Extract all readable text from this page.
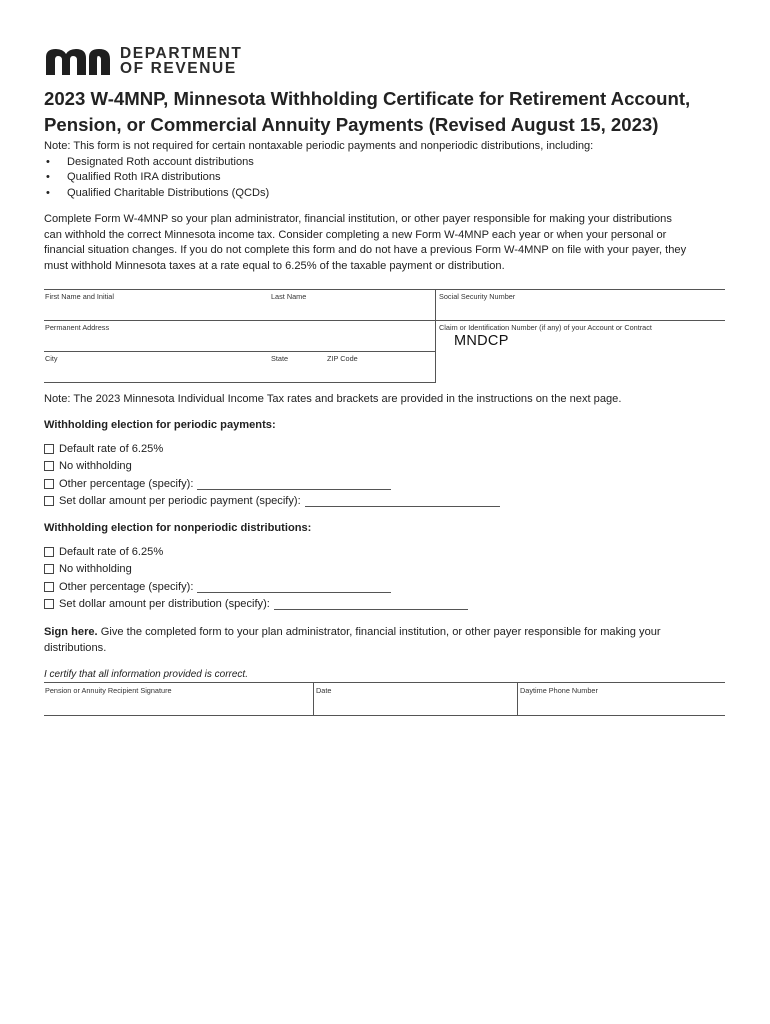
DEPARTMENT
OF REVENUE
2023 W-4MNP, Minnesota Withholding Certificate for Retirement Account,
Pension, or Commercial Annuity Payments (Revised August 15, 2023)
Note: This form is not required for certain nontaxable periodic payments and nonperiodic distributions, including:
• Designated Roth account distributions
• Qualified Roth IRA distributions
• Qualified Charitable Distributions (QCDs)
Complete Form W-4MNP so your plan administrator, financial institution, or other payer responsible for making your distributions
can withhold the correct Minnesota income tax. Consider completing a new Form W-4MNP each year or when your personal or
financial situation changes. If you do not complete this form and do not have a previous Form W-4MNP on file with your payer, they
must withhold Minnesota taxes at a rate equal to 6.25% of the taxable payment or distribution.
First Name and Initial	Last Name	Social Security Number
Permanent Address	Claim or Identification Number (if any) of your Account or Contract
MNDCP
City	State	ZIP Code
Note: The 2023 Minnesota Individual Income Tax rates and brackets are provided in the instructions on the next page.
Withholding election for periodic payments:
Default rate of 6.25%
No withholding
Other percentage (specify):
Set dollar amount per periodic payment (specify):
Withholding election for nonperiodic distributions:
Default rate of 6.25%
No withholding
Other percentage (specify):
Set dollar amount per distribution (specify):
Sign here. Give the completed form to your plan administrator, financial institution, or other payer responsible for making your
distributions.
I certify that all information provided is correct.
Pension or Annuity Recipient Signature	Date	Daytime Phone Number
